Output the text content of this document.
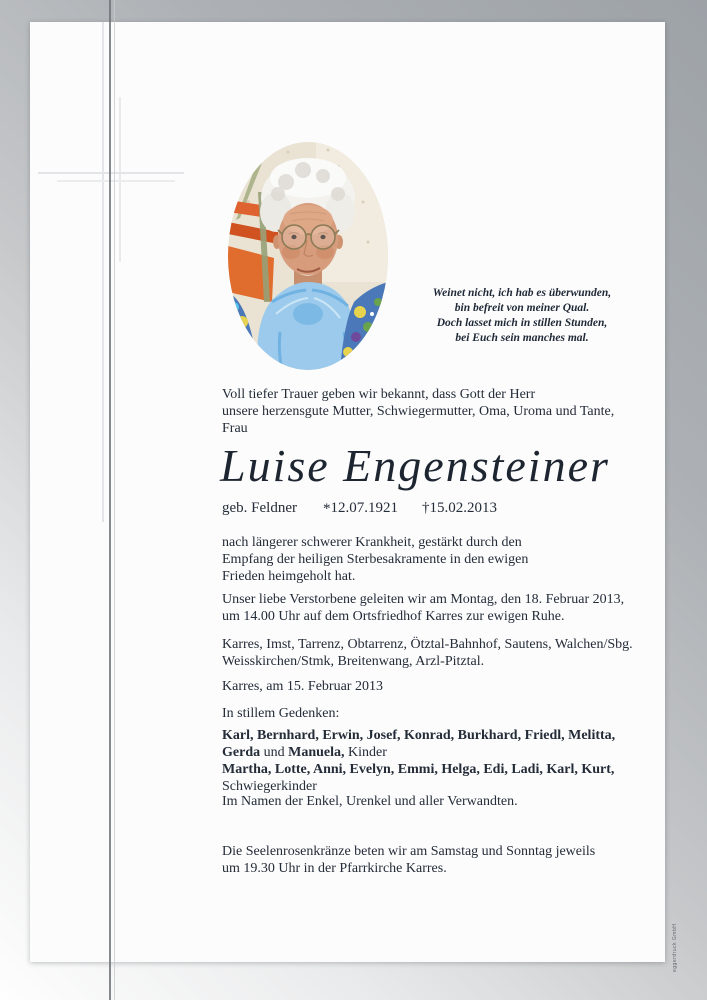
Weinet nicht, ich hab es überwunden,
bin befreit von meiner Qual.
Doch lasset mich in stillen Stunden,
bei Euch sein manches mal.
Voll tiefer Trauer geben wir bekannt, dass Gott der Herr
unsere herzensgute Mutter, Schwiegermutter, Oma, Uroma und Tante,
Frau
Luise Engensteiner
geb. Feldner *12.07.1921 †15.02.2013
nach längerer schwerer Krankheit, gestärkt durch den
Empfang der heiligen Sterbesakramente in den ewigen
Frieden heimgeholt hat.
Unser liebe Verstorbene geleiten wir am Montag, den 18. Februar 2013,
um 14.00 Uhr auf dem Ortsfriedhof Karres zur ewigen Ruhe.
Karres, Imst, Tarrenz, Obtarrenz, Ötztal-Bahnhof, Sautens, Walchen/Sbg.
Weisskirchen/Stmk, Breitenwang, Arzl-Pitztal.
Karres, am 15. Februar 2013
In stillem Gedenken:
Karl, Bernhard, Erwin, Josef, Konrad, Burkhard, Friedl, Melitta,
Gerda und Manuela, Kinder
Martha, Lotte, Anni, Evelyn, Emmi, Helga, Edi, Ladi, Karl, Kurt,
Schwiegerkinder
Im Namen der Enkel, Urenkel und aller Verwandten.
Die Seelenrosenkränze beten wir am Samstag und Sonntag jeweils
um 19.30 Uhr in der Pfarrkirche Karres.
eggerdruck GmbH
